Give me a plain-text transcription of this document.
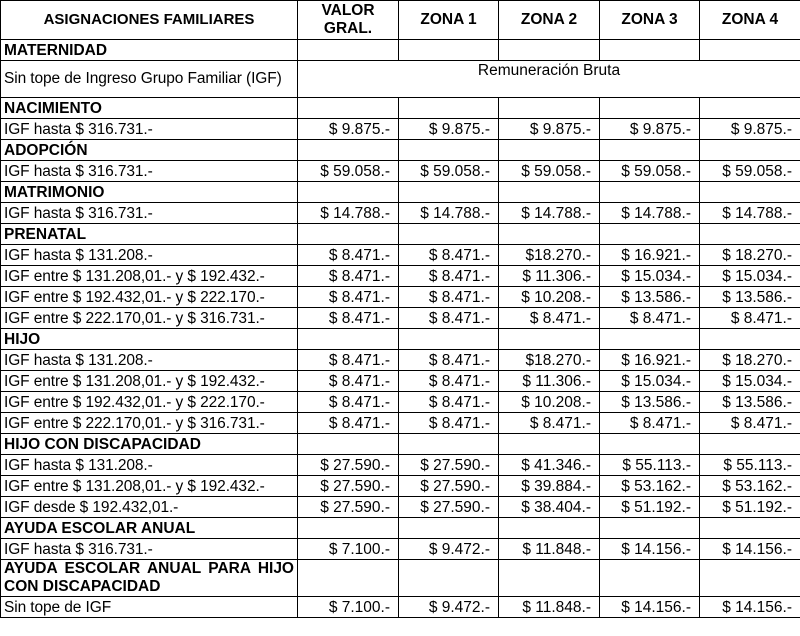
ASIGNACIONES FAMILIARES	VALOR GRAL.	ZONA 1	ZONA 2	ZONA 3	ZONA 4
MATERNIDAD					
Sin tope de Ingreso Grupo Familiar (IGF)	Remuneración Bruta				
NACIMIENTO					
IGF hasta $ 316.731.-	$ 9.875.-	$ 9.875.-	$ 9.875.-	$ 9.875.-	$ 9.875.-
ADOPCIÓN					
IGF hasta $ 316.731.-	$ 59.058.-	$ 59.058.-	$ 59.058.-	$ 59.058.-	$ 59.058.-
MATRIMONIO					
IGF hasta $ 316.731.-	$ 14.788.-	$ 14.788.-	$ 14.788.-	$ 14.788.-	$ 14.788.-
PRENATAL					
IGF hasta $ 131.208.-	$ 8.471.-	$ 8.471.-	$18.270.-	$ 16.921.-	$ 18.270.-
IGF entre $ 131.208,01.- y $ 192.432.-	$ 8.471.-	$ 8.471.-	$ 11.306.-	$ 15.034.-	$ 15.034.-
IGF entre $ 192.432,01.- y $ 222.170.-	$ 8.471.-	$ 8.471.-	$ 10.208.-	$ 13.586.-	$ 13.586.-
IGF entre $ 222.170,01.- y $ 316.731.-	$ 8.471.-	$ 8.471.-	$ 8.471.-	$ 8.471.-	$ 8.471.-
HIJO					
IGF hasta $ 131.208.-	$ 8.471.-	$ 8.471.-	$18.270.-	$ 16.921.-	$ 18.270.-
IGF entre $ 131.208,01.- y $ 192.432.-	$ 8.471.-	$ 8.471.-	$ 11.306.-	$ 15.034.-	$ 15.034.-
IGF entre $ 192.432,01.- y $ 222.170.-	$ 8.471.-	$ 8.471.-	$ 10.208.-	$ 13.586.-	$ 13.586.-
IGF entre $ 222.170,01.- y $ 316.731.-	$ 8.471.-	$ 8.471.-	$ 8.471.-	$ 8.471.-	$ 8.471.-
HIJO CON DISCAPACIDAD					
IGF hasta $ 131.208.-	$ 27.590.-	$ 27.590.-	$ 41.346.-	$ 55.113.-	$ 55.113.-
IGF entre $ 131.208,01.- y $ 192.432.-	$ 27.590.-	$ 27.590.-	$ 39.884.-	$ 53.162.-	$ 53.162.-
IGF desde $ 192.432,01.-	$ 27.590.-	$ 27.590.-	$ 38.404.-	$ 51.192.-	$ 51.192.-
AYUDA ESCOLAR ANUAL					
IGF hasta $ 316.731.-	$ 7.100.-	$ 9.472.-	$ 11.848.-	$ 14.156.-	$ 14.156.-
AYUDA ESCOLAR ANUAL PARA HIJO CON DISCAPACIDAD					
Sin tope de IGF	$ 7.100.-	$ 9.472.-	$ 11.848.-	$ 14.156.-	$ 14.156.-
